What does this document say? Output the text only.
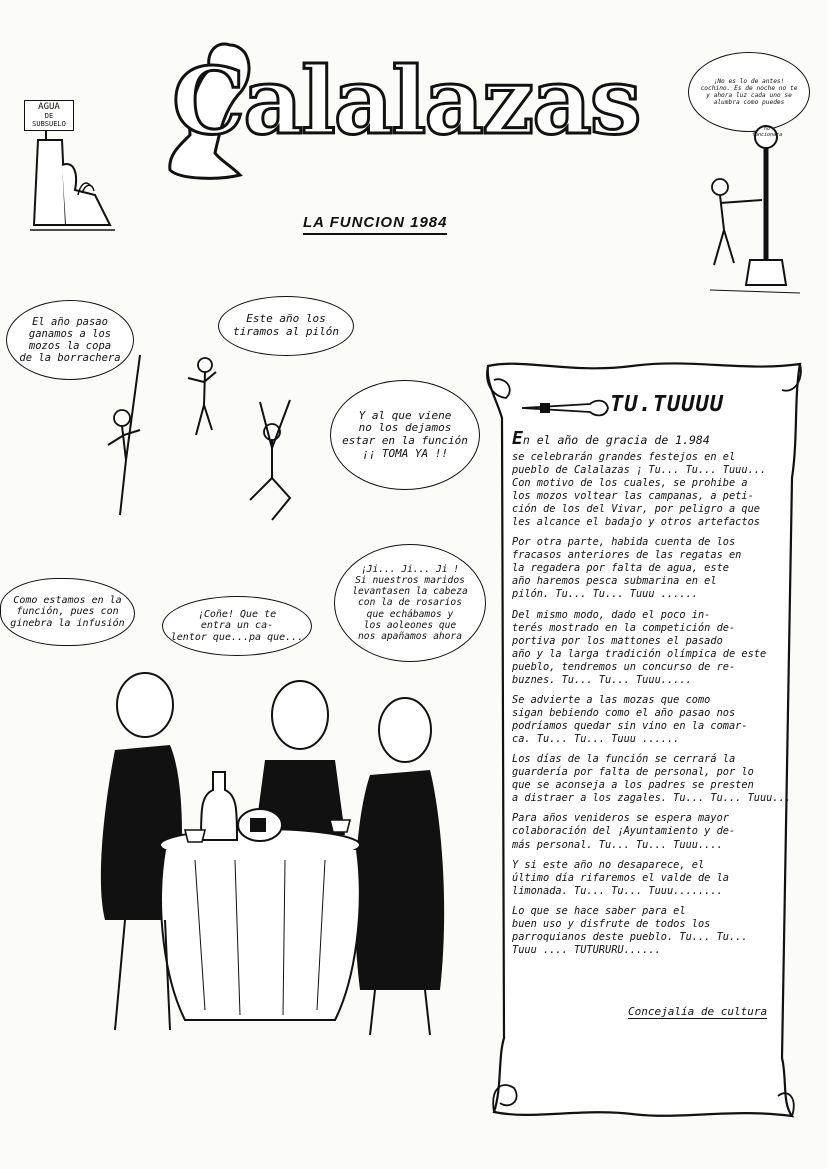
Calalazas
LA FUNCION 1984
AGUA
DE
SUBSUELO
¡No es lo de antes!
cochino. Es de noche no te
y ahora luz cada uno se
alumbra como puedes
no
funcionara
El año pasao
ganamos a los
mozos la copa
de la borrachera
Este año los
tiramos al pilón
Y al que viene
no los dejamos
estar en la función
¡¡ TOMA YA !!
Como estamos en la
función, pues con
ginebra la infusión
¡Coñe! Que te
entra un ca-
lentor que...pa que...
¡Ji... Ji... Ji !
Si nuestros maridos
levantasen la cabeza
con la de rosarios
que echábamos y
los aoleones que
nos apañamos ahora
TU.TUUUU

En el año de gracia de 1.984
se celebrarán grandes festejos en el
pueblo de Calalazas ¡ Tu... Tu... Tuuu...
Con motivo de los cuales, se prohibe a
los mozos voltear las campanas, a peti-
ción de los del Vivar, por peligro a que
les alcance el badajo y otros artefactos

Por otra parte, habida cuenta de los
fracasos anteriores de las regatas en
la regadera por falta de agua, este
año haremos pesca submarina en el
pilón. Tu... Tu... Tuuu ......

Del mismo modo, dado el poco in-
terés mostrado en la competición de-
portiva por los mattones el pasado
año y la larga tradición olímpica de este
pueblo, tendremos un concurso de re-
buznes. Tu... Tu... Tuuu.....

Se advierte a las mozas que como
sigan bebiendo como el año pasao nos
podríamos quedar sin vino en la comar-
ca. Tu... Tu... Tuuu ......

Los días de la función se cerrará la
guardería por falta de personal, por lo
que se aconseja a los padres se presten
a distraer a los zagales. Tu... Tu... Tuuu...

Para años venideros se espera mayor
colaboración del ¡Ayuntamiento y de-
más personal. Tu... Tu... Tuuu....

Y si este año no desaparece, el
último día rifaremos el valde de la
limonada. Tu... Tu... Tuuu........

Lo que se hace saber para el
buen uso y disfrute de todos los
parroquianos deste pueblo. Tu... Tu...
Tuuu .... TUTURURU......

Concejalía de cultura
